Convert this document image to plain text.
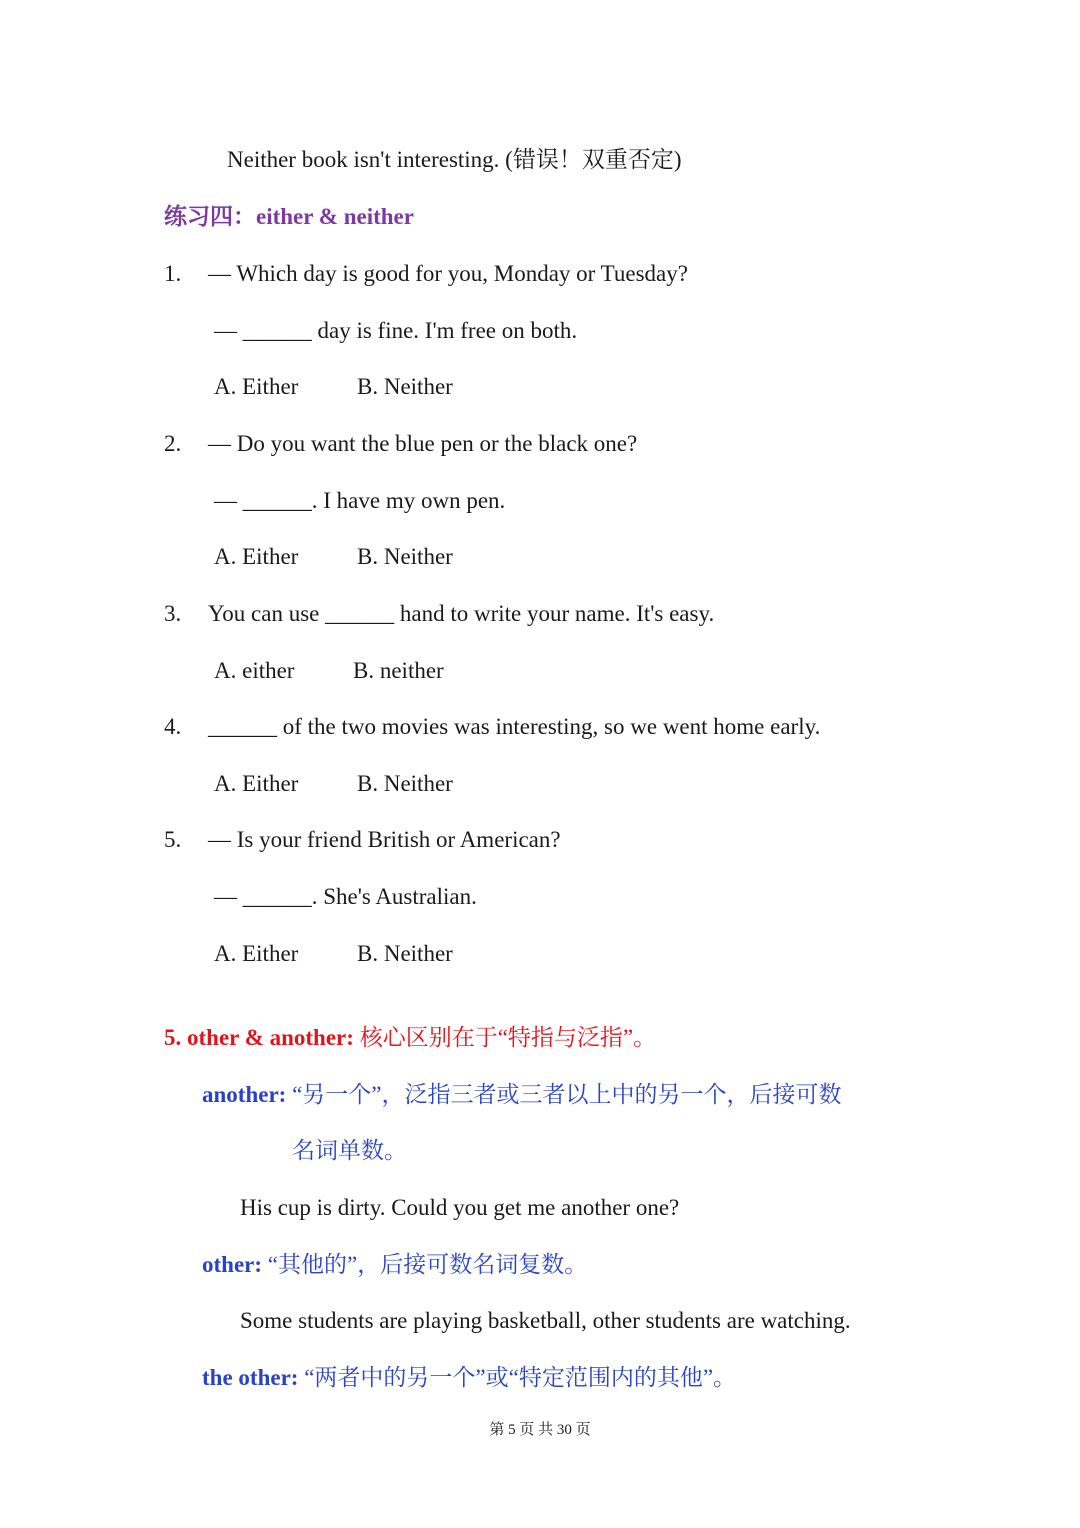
Neither book isn't interesting. (错误！双重否定)
练习四：either & neither
1. — Which day is good for you, Monday or Tuesday?
— ______ day is fine. I'm free on both.
A. Either	B. Neither
2. — Do you want the blue pen or the black one?
— ______. I have my own pen.
A. Either	B. Neither
3. You can use ______ hand to write your name. It's easy.
A. either	B. neither
4. ______ of the two movies was interesting, so we went home early.
A. Either	B. Neither
5. — Is your friend British or American?
— ______. She's Australian.
A. Either	B. Neither
5. other & another: 核心区别在于“特指与泛指”。
another: “另一个”，泛指三者或三者以上中的另一个，后接可数
名词单数。
His cup is dirty. Could you get me another one?
other: “其他的”，后接可数名词复数。
Some students are playing basketball, other students are watching.
the other: “两者中的另一个”或“特定范围内的其他”。
第 5 页 共 30 页
